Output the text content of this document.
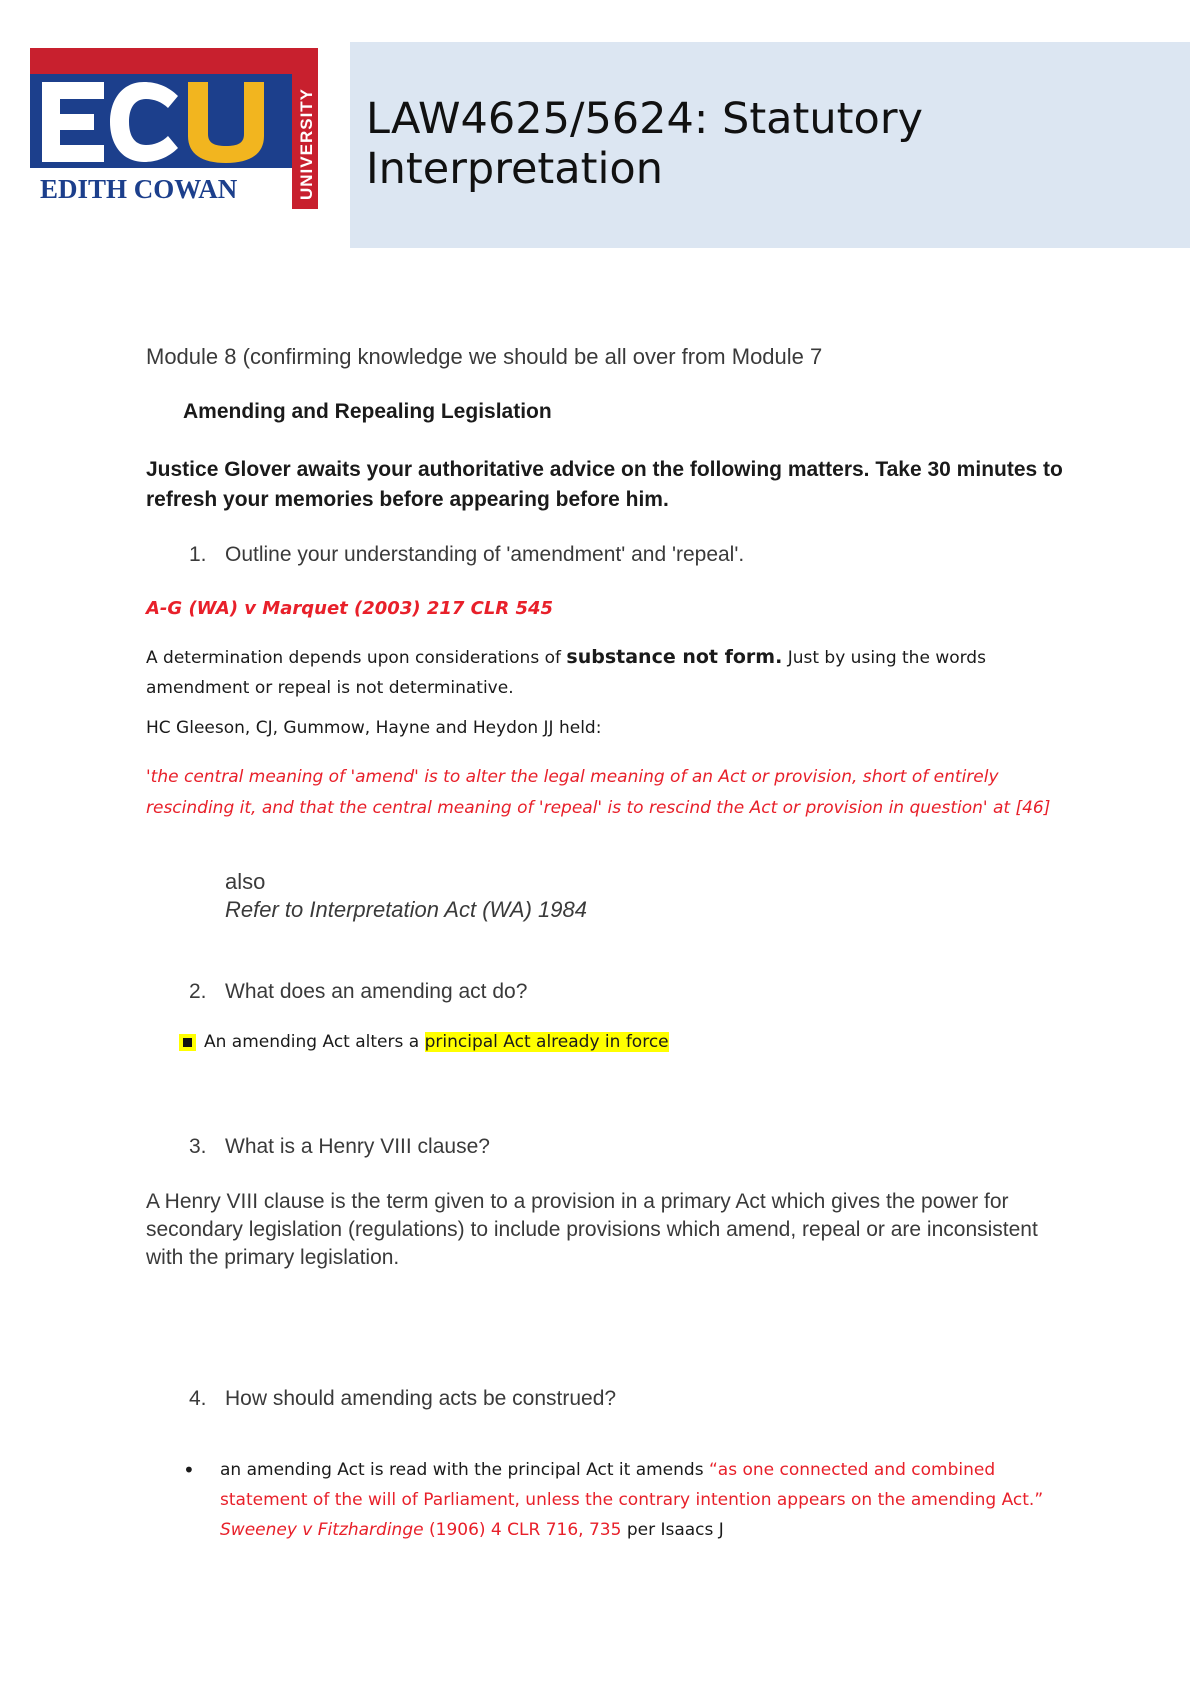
EDITH COWAN	UNIVERSITY LAW4625/5624: Statutory
Interpretation
Module 8 (confirming knowledge we should be all over from Module 7
Amending and Repealing Legislation
Justice Glover awaits your authoritative advice on the following matters. Take 30 minutes to refresh your memories before appearing before him.
1. Outline your understanding of 'amendment' and 'repeal'.
A-G (WA) v Marquet (2003) 217 CLR 545
A determination depends upon considerations of substance not form. Just by using the words amendment or repeal is not determinative.
HC Gleeson, CJ, Gummow, Hayne and Heydon JJ held:
'the central meaning of 'amend' is to alter the legal meaning of an Act or provision, short of entirely rescinding it, and that the central meaning of 'repeal' is to rescind the Act or provision in question' at [46]
also
Refer to Interpretation Act (WA) 1984
2. What does an amending act do?
An amending Act alters a principal Act already in force
3. What is a Henry VIII clause?
A Henry VIII clause is the term given to a provision in a primary Act which gives the power for secondary legislation (regulations) to include provisions which amend, repeal or are inconsistent with the primary legislation.
4. How should amending acts be construed?
• an amending Act is read with the principal Act it amends “as one connected and combined statement of the will of Parliament, unless the contrary intention appears on the amending Act.” Sweeney v Fitzhardinge (1906) 4 CLR 716, 735 per Isaacs J
